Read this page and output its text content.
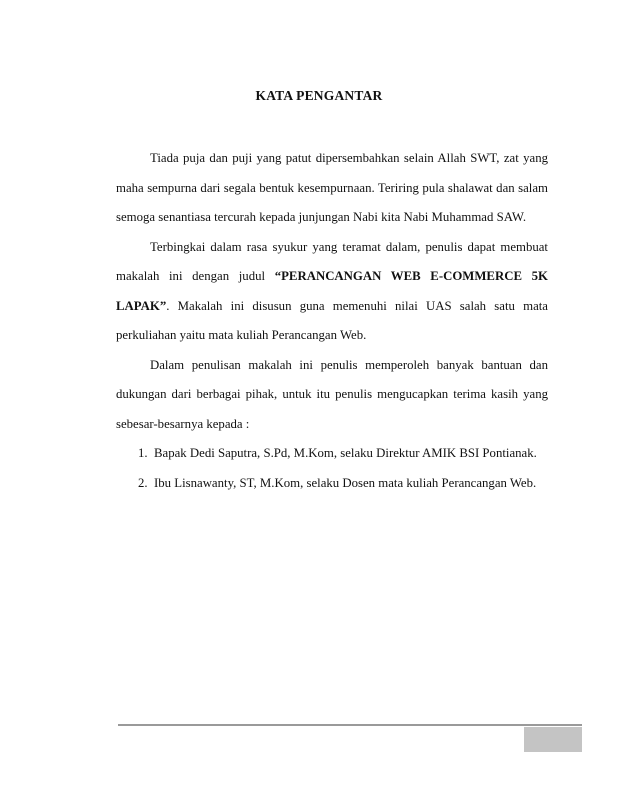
KATA PENGANTAR

Tiada puja dan puji yang patut dipersembahkan selain Allah SWT, zat yang maha sempurna dari segala bentuk kesempurnaan. Teriring pula shalawat dan salam semoga senantiasa tercurah kepada junjungan Nabi kita Nabi Muhammad SAW.

Terbingkai dalam rasa syukur yang teramat dalam, penulis dapat membuat makalah ini dengan judul “PERANCANGAN WEB E-COMMERCE 5K LAPAK”. Makalah ini disusun guna memenuhi nilai UAS salah satu mata perkuliahan yaitu mata kuliah Perancangan Web.

Dalam penulisan makalah ini penulis memperoleh banyak bantuan dan dukungan dari berbagai pihak, untuk itu penulis mengucapkan terima kasih yang sebesar-besarnya kepada :

1. Bapak Dedi Saputra, S.Pd, M.Kom, selaku Direktur AMIK BSI Pontianak.
2. Ibu Lisnawanty, ST, M.Kom, selaku Dosen mata kuliah Perancangan Web.
